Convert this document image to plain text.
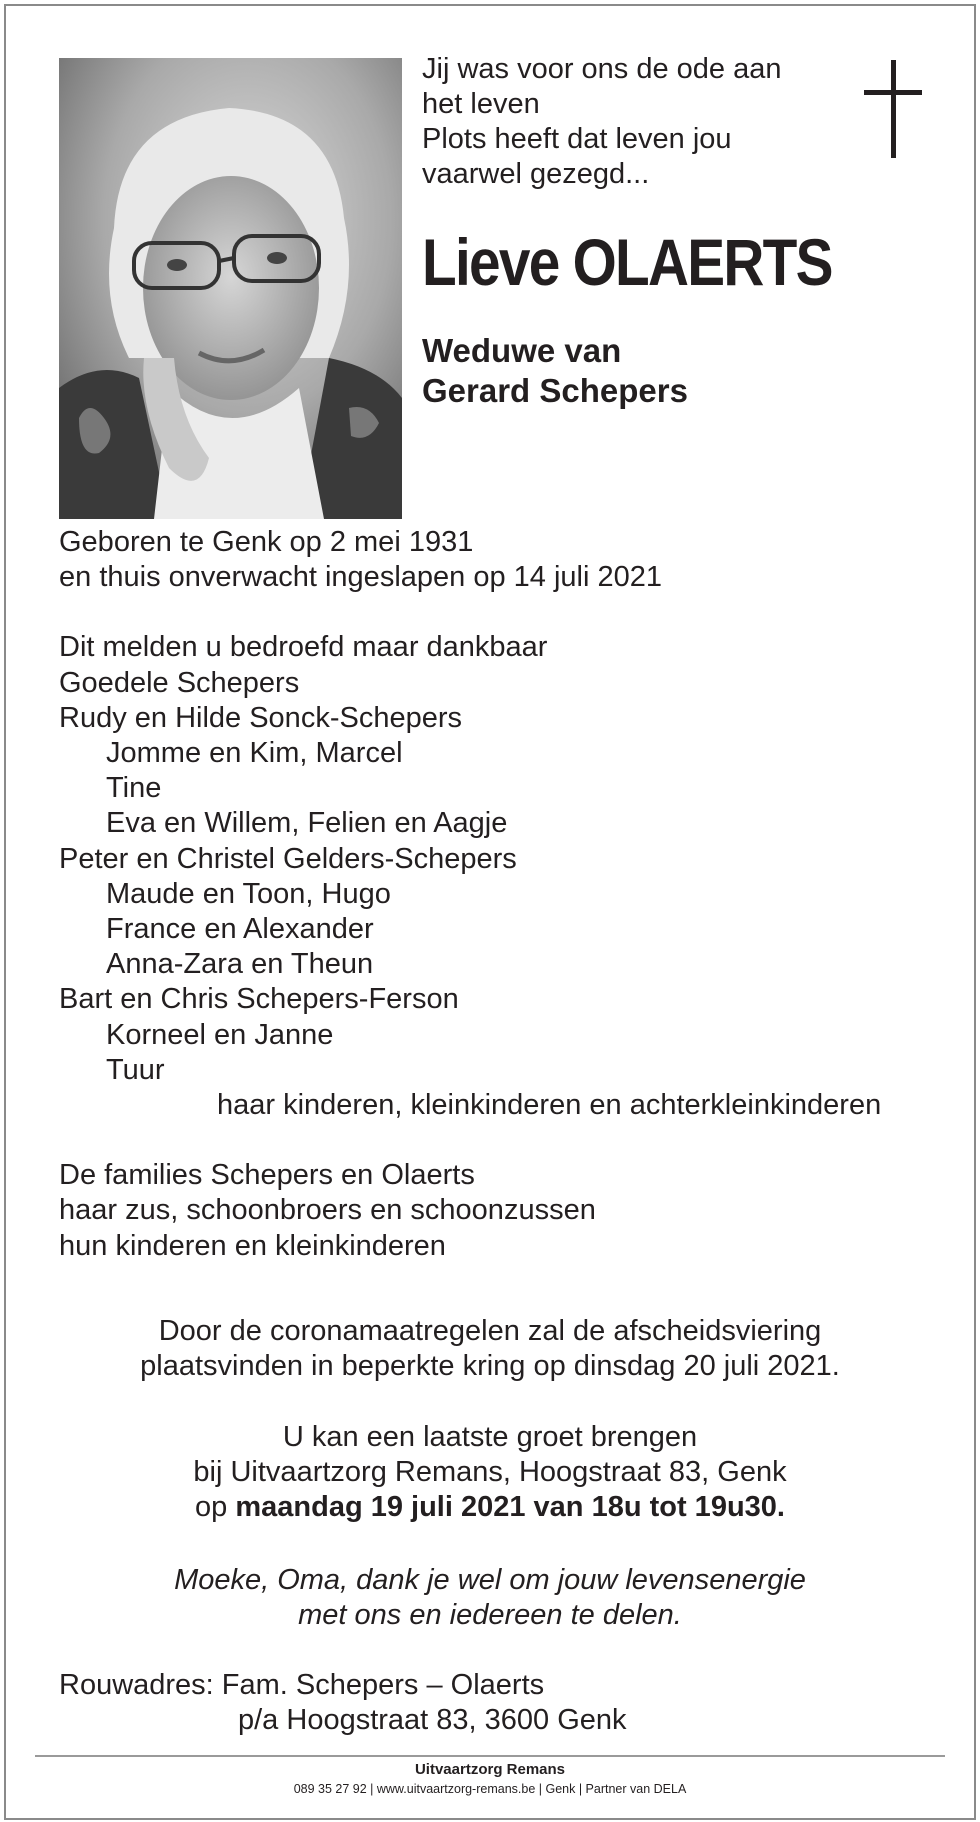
Jij was voor ons de ode aan
het leven
Plots heeft dat leven jou
vaarwel gezegd...
Lieve OLAERTS
Weduwe van
Gerard Schepers
Geboren te Genk op 2 mei 1931
en thuis onverwacht ingeslapen op 14 juli 2021
Dit melden u bedroefd maar dankbaar
Goedele Schepers
Rudy en Hilde Sonck-Schepers
Jomme en Kim, Marcel
Tine
Eva en Willem, Felien en Aagje
Peter en Christel Gelders-Schepers
Maude en Toon, Hugo
France en Alexander
Anna-Zara en Theun
Bart en Chris Schepers-Ferson
Korneel en Janne
Tuur
haar kinderen, kleinkinderen en achterkleinkinderen
De families Schepers en Olaerts
haar zus, schoonbroers en schoonzussen
hun kinderen en kleinkinderen
Door de coronamaatregelen zal de afscheidsviering
plaatsvinden in beperkte kring op dinsdag 20 juli 2021.
U kan een laatste groet brengen
bij Uitvaartzorg Remans, Hoogstraat 83, Genk
op maandag 19 juli 2021 van 18u tot 19u30.
Moeke, Oma, dank je wel om jouw levensenergie
met ons en iedereen te delen.
Rouwadres: Fam. Schepers – Olaerts
p/a Hoogstraat 83, 3600 Genk
Uitvaartzorg Remans
089 35 27 92 | www.uitvaartzorg-remans.be | Genk | Partner van DELA
